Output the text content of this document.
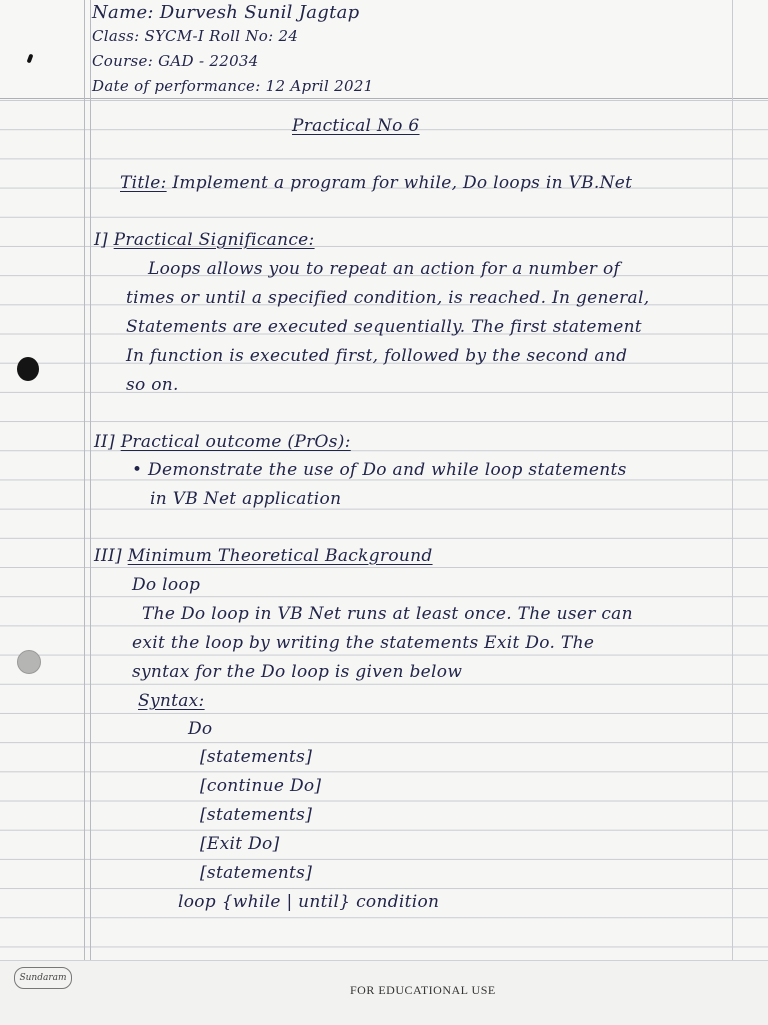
Name: Durvesh Sunil Jagtap
Class: SYCM-I Roll No: 24
Course: GAD - 22034
Date of performance: 12 April 2021
Practical No 6
Title: Implement a program for while, Do loops in VB.Net
I] Practical Significance:
Loops allows you to repeat an action for a number of
times or until a specified condition, is reached. In general,
Statements are executed sequentially. The first statement
In function is executed first, followed by the second and
so on.
II] Practical outcome (PrOs):
• Demonstrate the use of Do and while loop statements
in VB Net application
III] Minimum Theoretical Background
Do loop
The Do loop in VB Net runs at least once. The user can
exit the loop by writing the statements Exit Do. The
syntax for the Do loop is given below
Syntax:
Do
[statements]
[continue Do]
[statements]
[Exit Do]
[statements]
loop {while | until} condition
Sundaram
FOR EDUCATIONAL USE
